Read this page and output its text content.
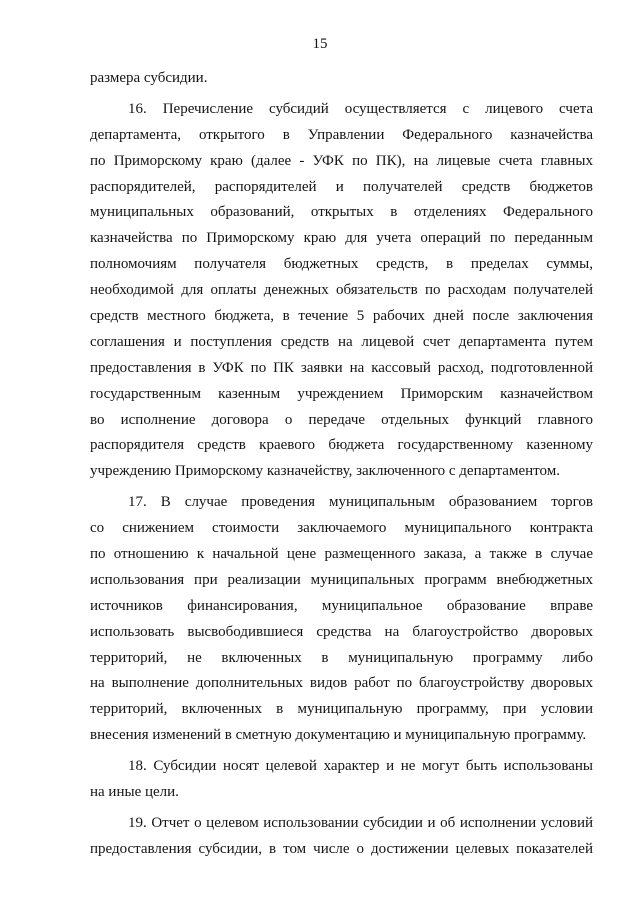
15
размера субсидии.
16. Перечисление субсидий осуществляется с лицевого счета
департамента, открытого в Управлении Федерального казначейства
по Приморскому краю (далее - УФК по ПК), на лицевые счета главных
распорядителей, распорядителей и получателей средств бюджетов
муниципальных образований, открытых в отделениях Федерального
казначейства по Приморскому краю для учета операций по переданным
полномочиям получателя бюджетных средств, в пределах суммы,
необходимой для оплаты денежных обязательств по расходам получателей
средств местного бюджета, в течение 5 рабочих дней после заключения
соглашения и поступления средств на лицевой счет департамента путем
предоставления в УФК по ПК заявки на кассовый расход, подготовленной
государственным казенным учреждением Приморским казначейством
во исполнение договора о передаче отдельных функций главного
распорядителя средств краевого бюджета государственному казенному
учреждению Приморскому казначейству, заключенного с департаментом.
17. В случае проведения муниципальным образованием торгов
со снижением стоимости заключаемого муниципального контракта
по отношению к начальной цене размещенного заказа, а также в случае
использования при реализации муниципальных программ внебюджетных
источников финансирования, муниципальное образование вправе
использовать высвободившиеся средства на благоустройство дворовых
территорий, не включенных в муниципальную программу либо
на выполнение дополнительных видов работ по благоустройству дворовых
территорий, включенных в муниципальную программу, при условии
внесения изменений в сметную документацию и муниципальную программу.
18. Субсидии носят целевой характер и не могут быть использованы
на иные цели.
19. Отчет о целевом использовании субсидии и об исполнении условий
предоставления субсидии, в том числе о достижении целевых показателей
